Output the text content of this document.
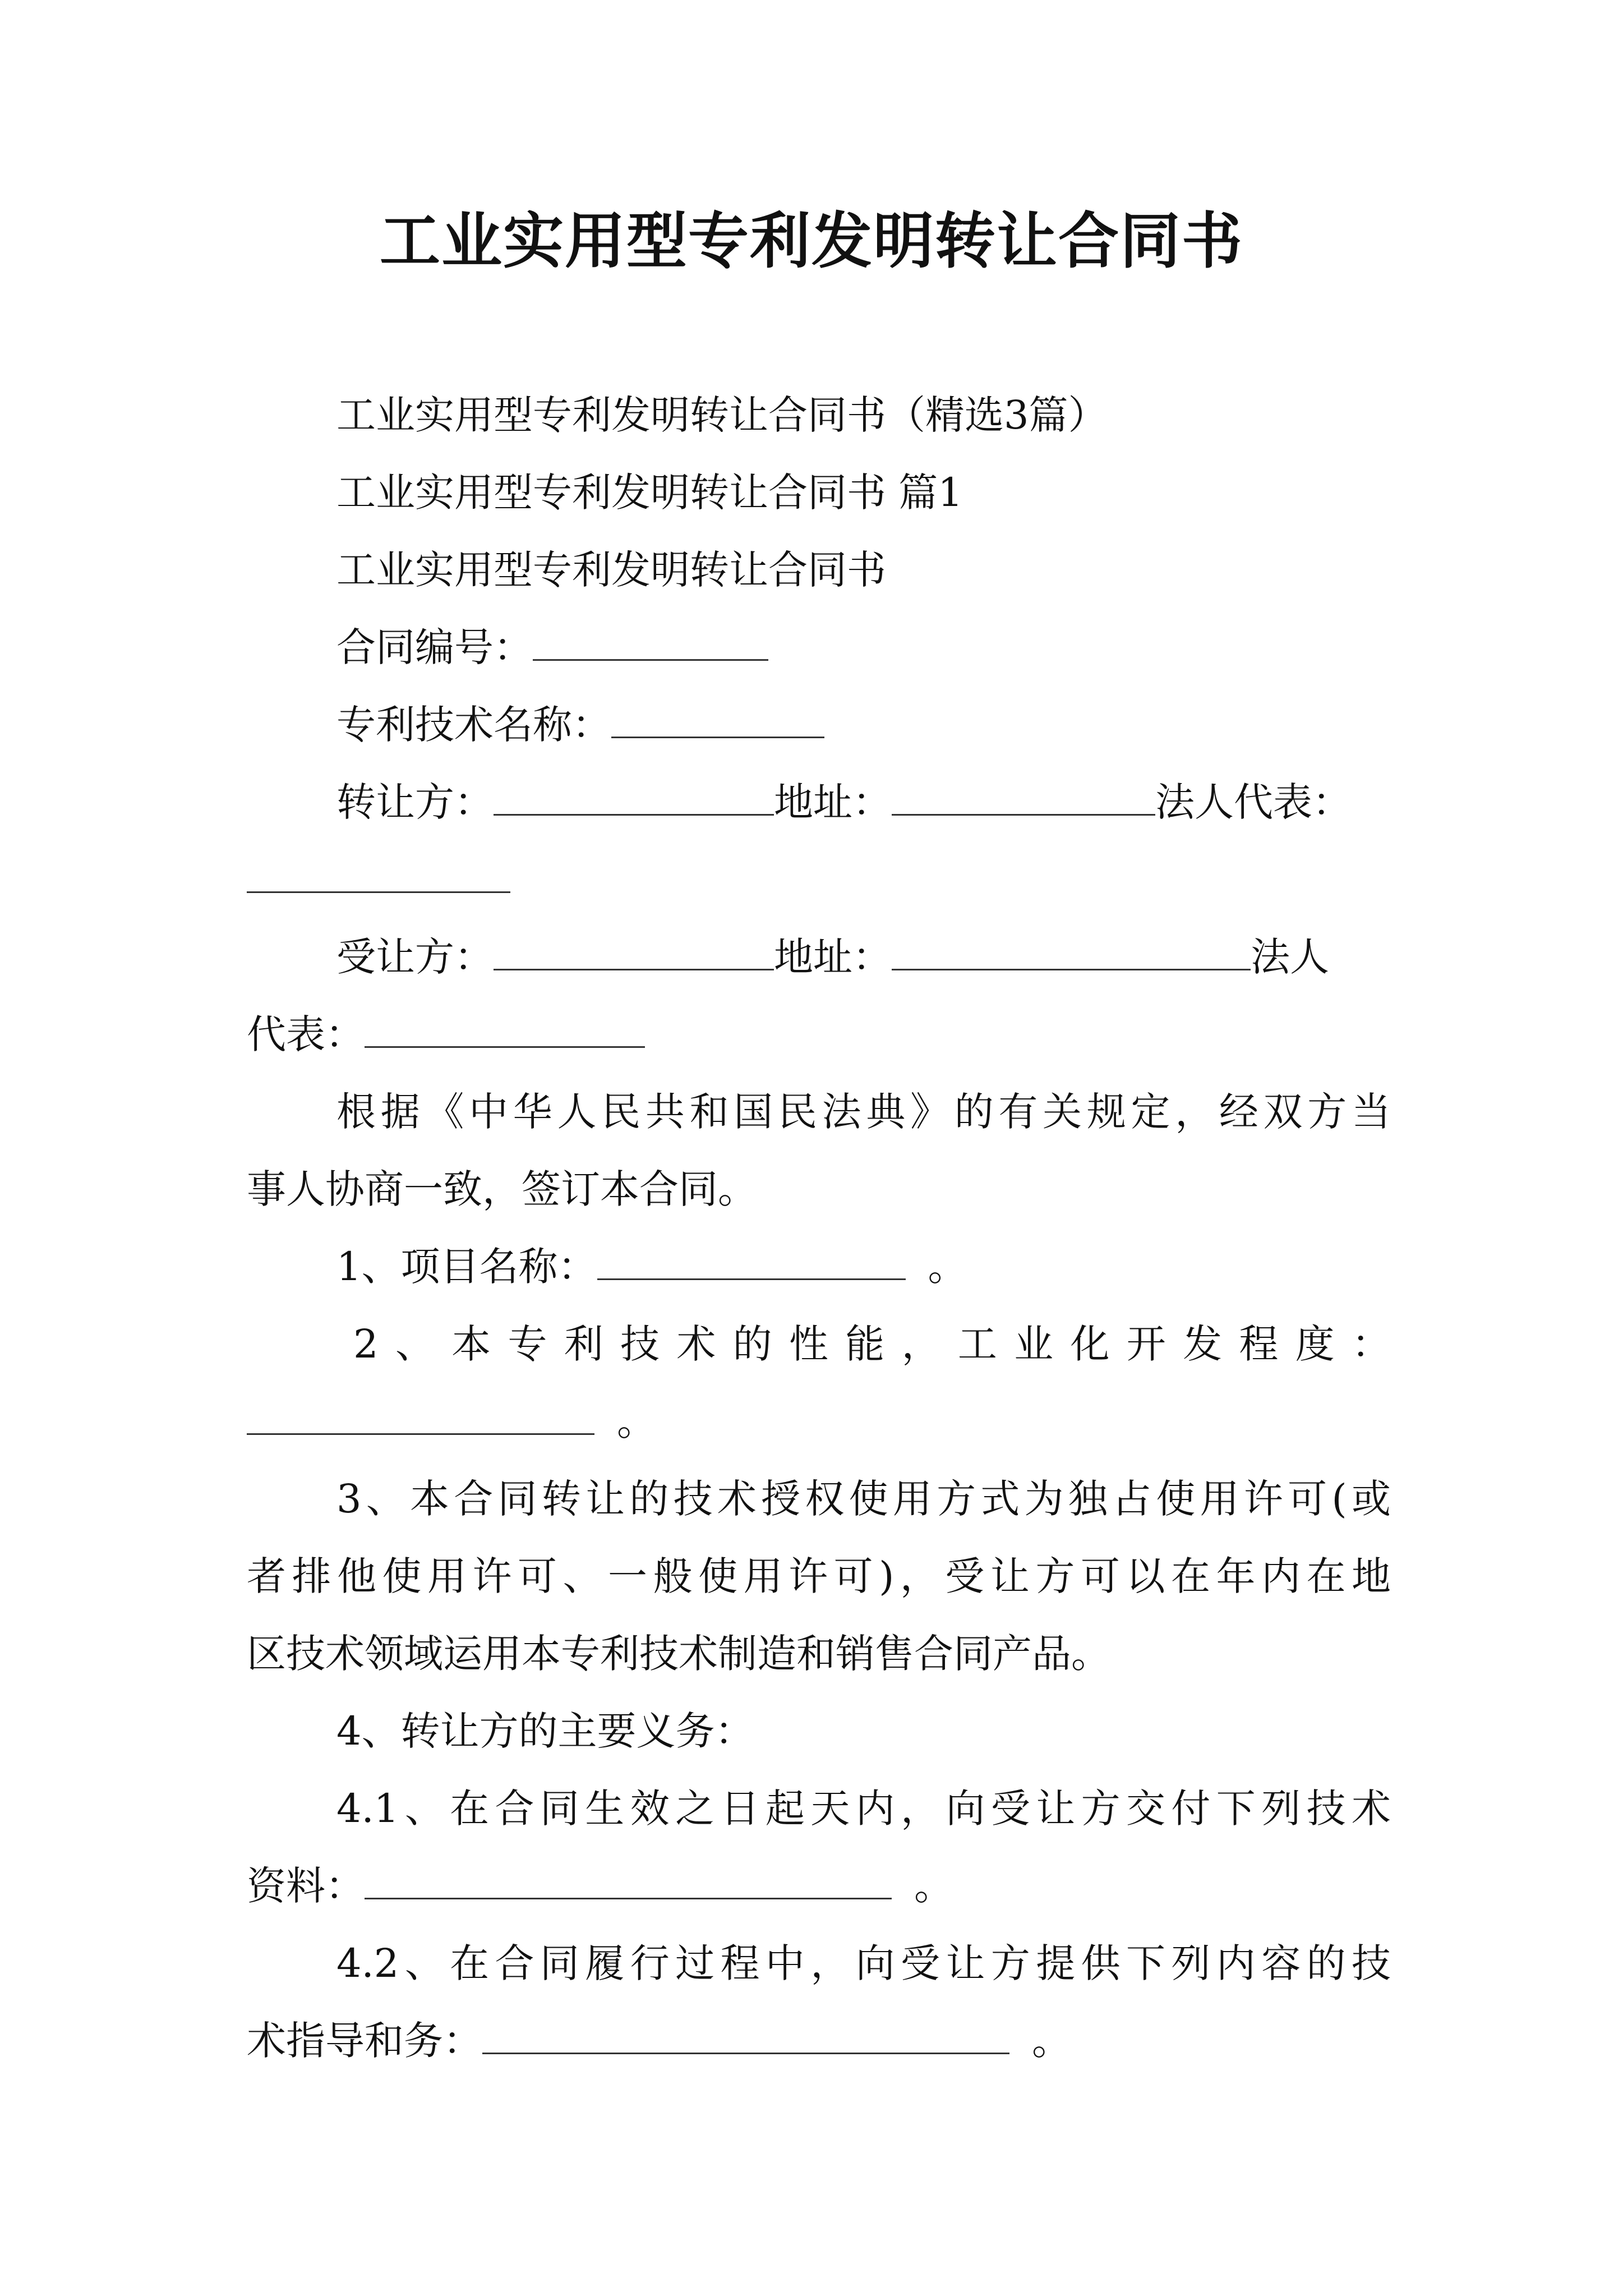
工业实用型专利发明转让合同书
工业实用型专利发明转让合同书（精选3篇）
工业实用型专利发明转让合同书 篇1
工业实用型专利发明转让合同书
合同编号：
专利技术名称：
转让方：	地址：	法人代表：
受让方：	地址：	法人
代表：
根据《中华人民共和国民法典》的有关规定，经双方当
事人协商一致，签订本合同。
1、项目名称：	。
2、本专利技术的性能，工业化开发程度：
。
3、本合同转让的技术授权使用方式为独占使用许可(或
者排他使用许可、一般使用许可)，受让方可以在年内在地
区技术领域运用本专利技术制造和销售合同产品。
4、转让方的主要义务：
4.1、在合同生效之日起天内，向受让方交付下列技术
资料：	。
4.2、在合同履行过程中，向受让方提供下列内容的技
术指导和务：	。
